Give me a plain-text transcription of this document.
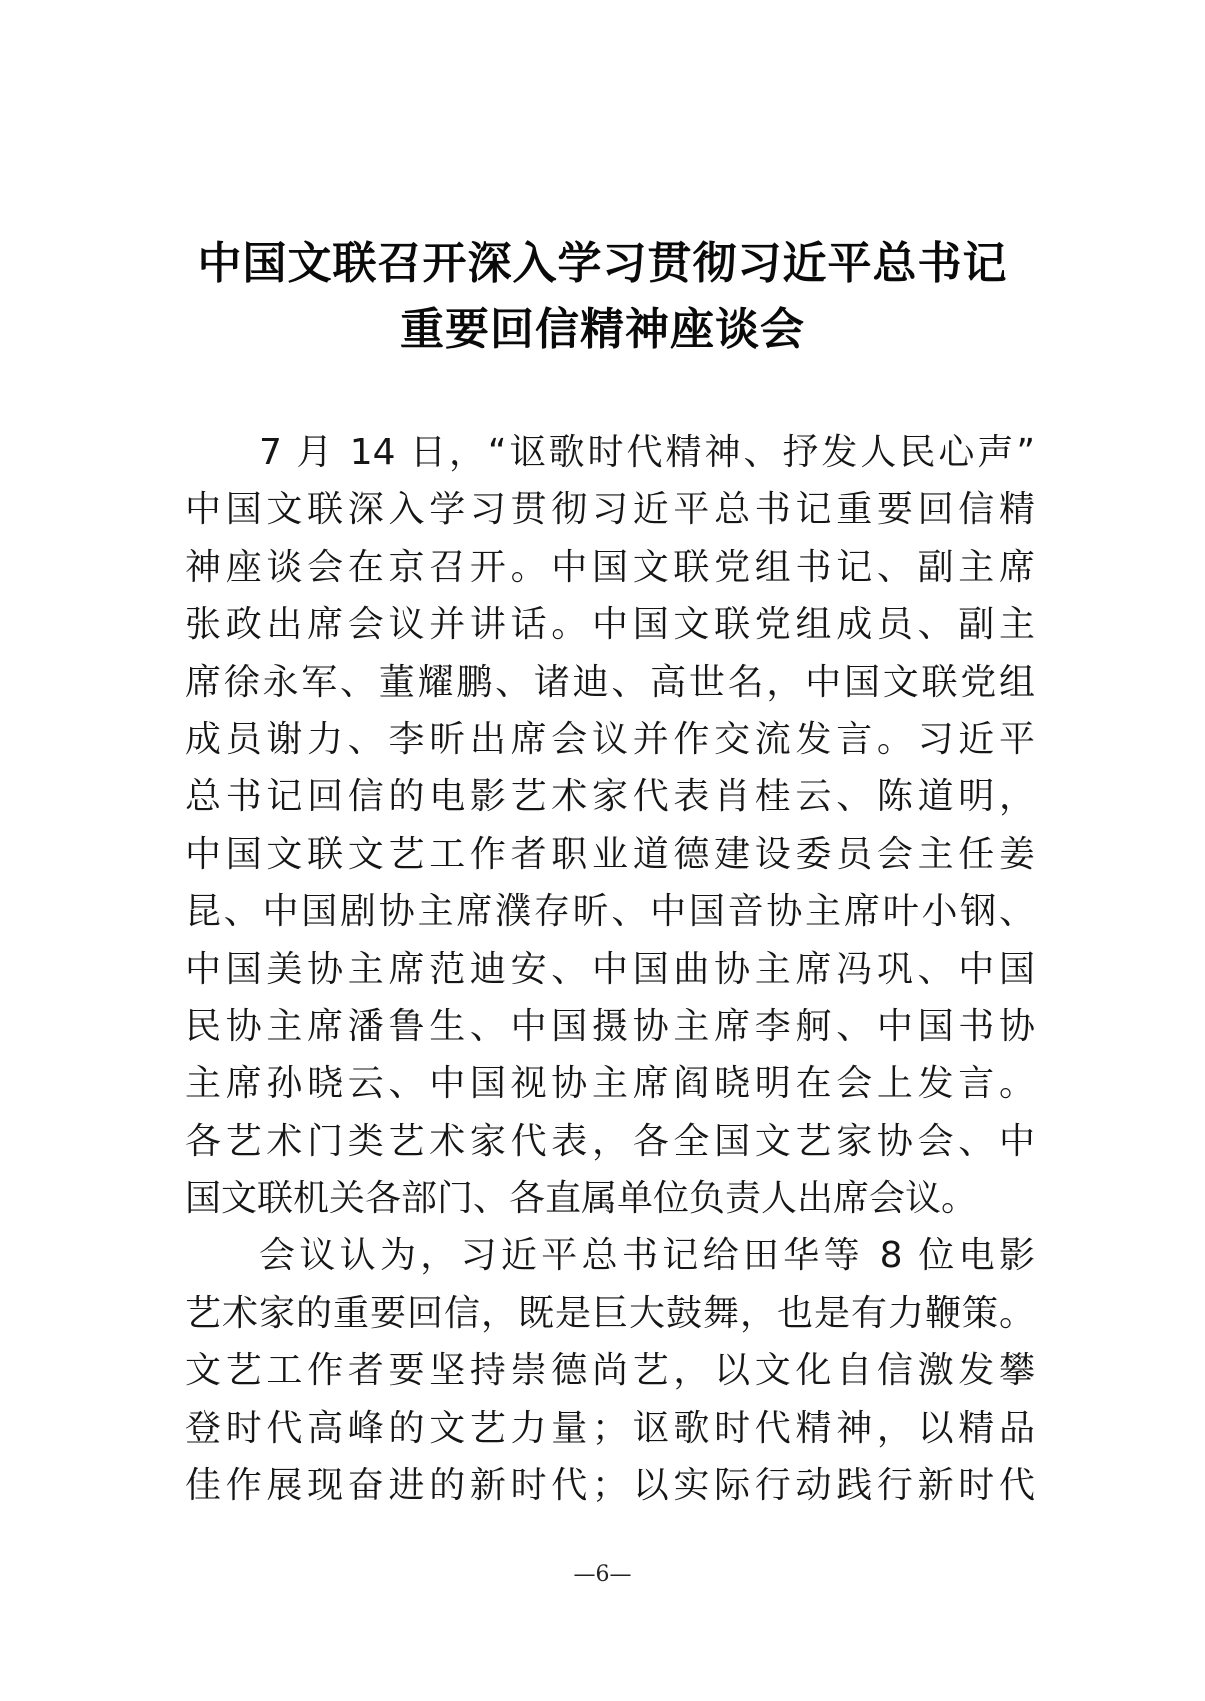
中国文联召开深入学习贯彻习近平总书记
重要回信精神座谈会
7 月 14 日，“讴歌时代精神、抒发人民心声”
中国文联深入学习贯彻习近平总书记重要回信精
神座谈会在京召开。中国文联党组书记、副主席
张政出席会议并讲话。中国文联党组成员、副主
席徐永军、董耀鹏、诸迪、高世名，中国文联党组
成员谢力、李昕出席会议并作交流发言。习近平
总书记回信的电影艺术家代表肖桂云、陈道明，
中国文联文艺工作者职业道德建设委员会主任姜
昆、中国剧协主席濮存昕、中国音协主席叶小钢、
中国美协主席范迪安、中国曲协主席冯巩、中国
民协主席潘鲁生、中国摄协主席李舸、中国书协
主席孙晓云、中国视协主席阎晓明在会上发言。
各艺术门类艺术家代表，各全国文艺家协会、中
国文联机关各部门、各直属单位负责人出席会议。
会议认为，习近平总书记给田华等 8 位电影
艺术家的重要回信，既是巨大鼓舞，也是有力鞭策。
文艺工作者要坚持崇德尚艺，以文化自信激发攀
登时代高峰的文艺力量；讴歌时代精神，以精品
佳作展现奋进的新时代；以实际行动践行新时代
—6—
